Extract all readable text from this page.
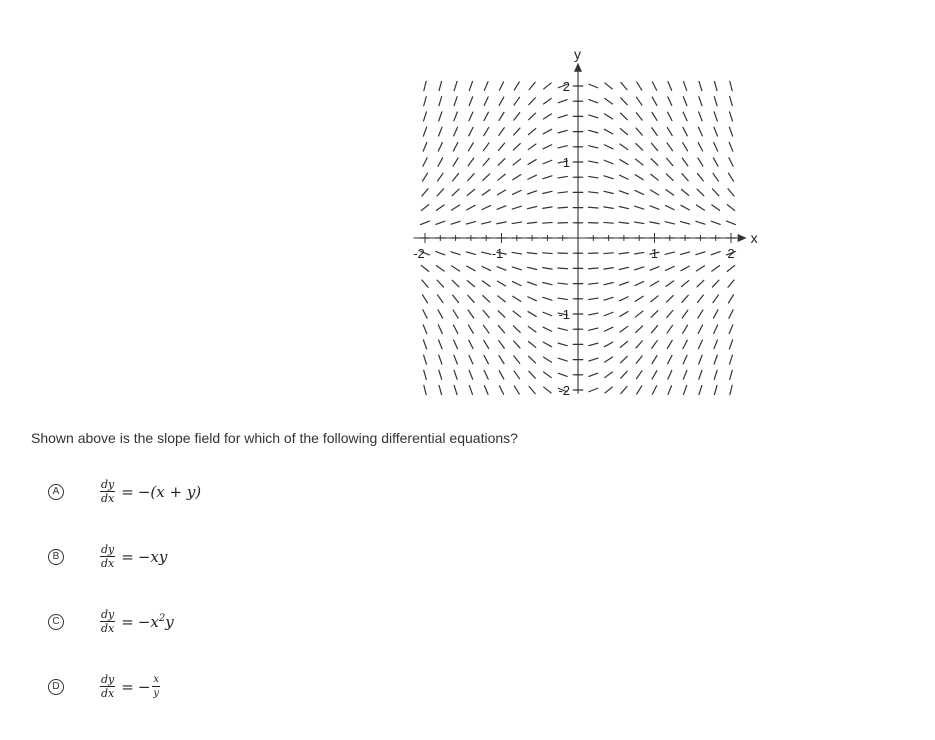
x
y
-2	-1	1	2
2
1
-1
-2
Shown above is the slope field for which of the following differential equations?
A	$\frac{dy}{dx} = -(x + y)$
B	$\frac{dy}{dx} = -xy$
C	$\frac{dy}{dx} = -x^2y$
D	$\frac{dy}{dx}$ = − $\frac{x}{y}$
